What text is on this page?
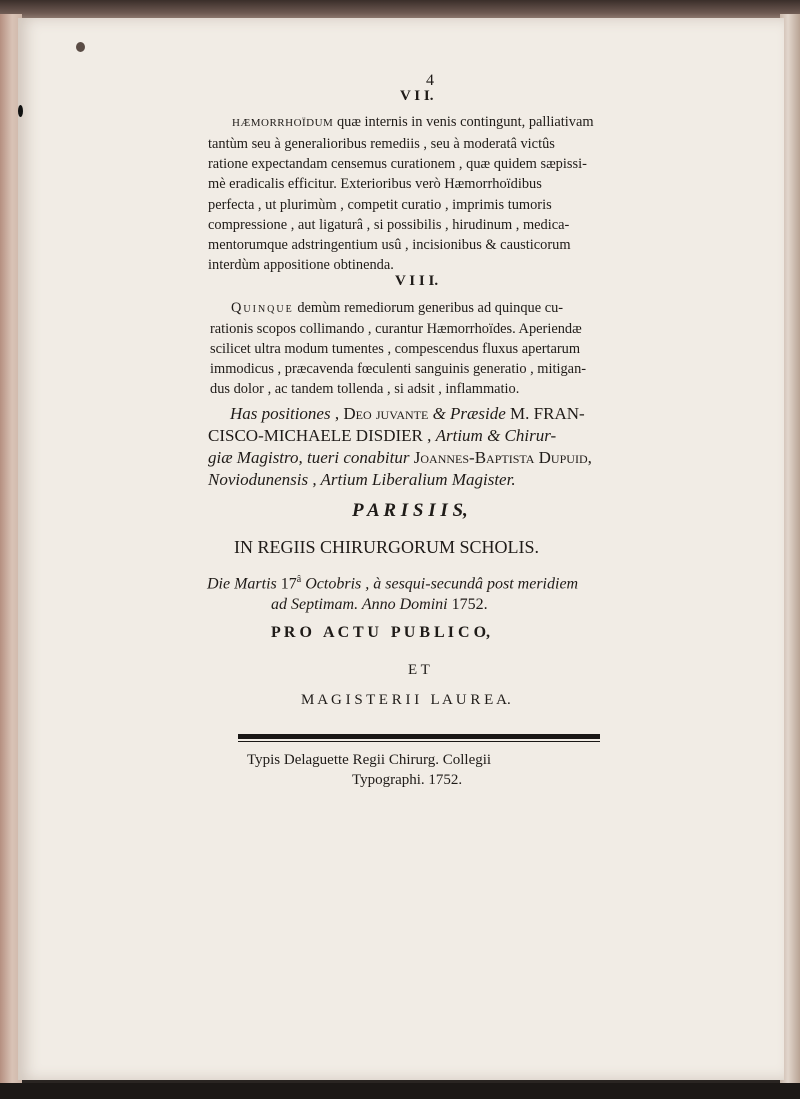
4
V I I.
HÆMORRHOÏDUM quæ internis in venis contingunt, palliativam
tantùm seu à generalioribus remediis , seu à moderatâ victûs
ratione expectandam censemus curationem , quæ quidem sæpissi-
mè eradicalis efficitur. Exterioribus verò Hæmorrhoïdibus
perfecta , ut plurimùm , competit curatio , imprimis tumoris
compressione , aut ligaturâ , si possibilis , hirudinum , medica-
mentorumque adstringentium usû , incisionibus & causticorum
interdùm appositione obtinenda.
V I I I.
Quinque demùm remediorum generibus ad quinque cu-
rationis scopos collimando , curantur Hæmorrhoïdes. Aperiendæ
scilicet ultra modum tumentes , compescendus fluxus apertarum
immodicus , præcavenda fœculenti sanguinis generatio , mitigan-
dus dolor , ac tandem tollenda , si adsit , inflammatio.
Has positiones , Deo juvante & Præside M. FRAN-
CISCO-MICHAELE DISDIER , Artium & Chirur-
giæ Magistro, tueri conabitur Joannes-Baptista Dupuid,
Noviodunensis , Artium Liberalium Magister.
P A R I S I I S,
IN REGIIS CHIRURGORUM SCHOLIS.
Die Martis $17^â$ Octobris , à sesqui-secundâ post meridiem
ad Septimam. Anno Domini 1752.
P R O   A C T U   P U B L I C O,
E T
M A G I S T E R I I   L A U R E A.
Typis Delaguette Regii Chirurg. Collegii
Typographi. 1752.
